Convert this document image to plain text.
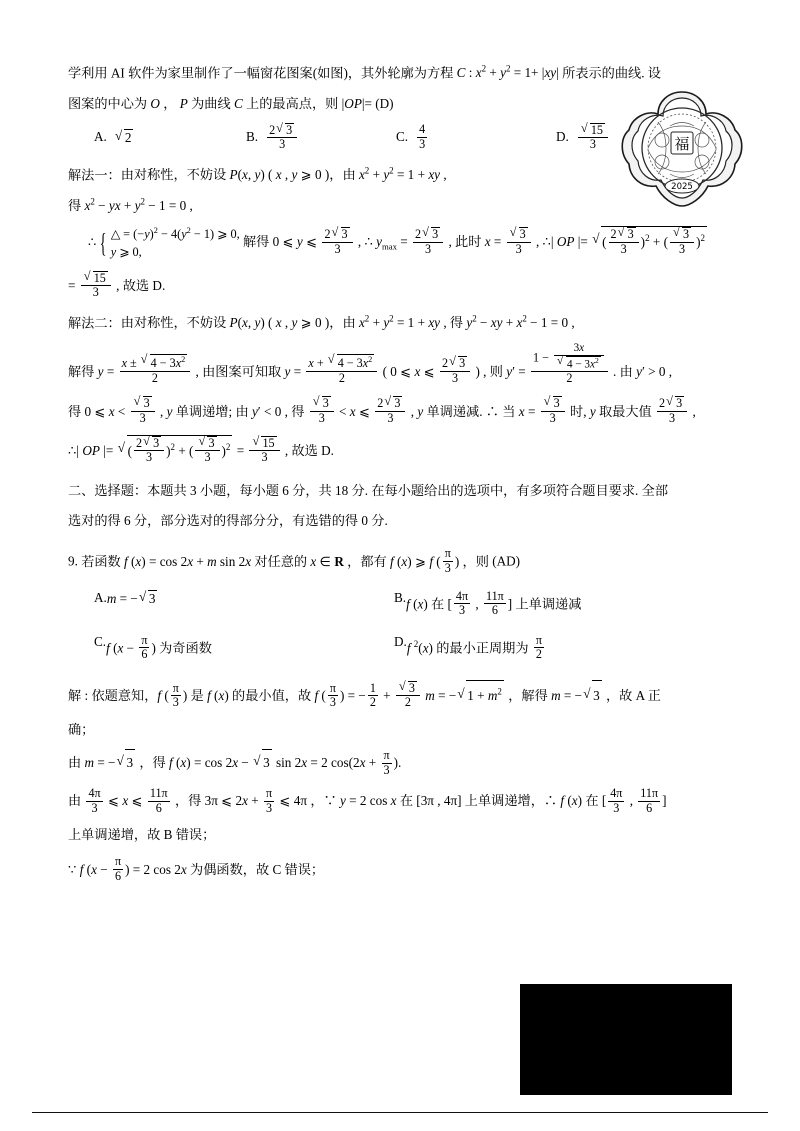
福
2025
学利用 AI 软件为家里制作了一幅窗花图案(如图)，其外轮廓为方程 C : $x^2 + y^2 = 1+ |xy|$ 所表示的曲线. 设
图案的中心为 O ， P 为曲线 C 上的最高点，则 |OP|= (D)
A.	√ 2	B. $\frac{2 √ 3}{3}$	C. $\frac{4}{3}$	D. √ $\frac{15}{3}$
解法一：由对称性，不妨设 P(x, y) ( x , y ⩾ 0 )，由 $x^2 + y^2 = 1$ + xy ,
得 $x^2$ − yx + $y^2 - 1 = 0$ ,
∴
{ △ = $(-y)^2 - 4(y^2 - 1)$ ⩾ 0,
y ⩾ 0,
解得 0 ⩽ y ⩽ $\frac{2 √ 3}{3}$ , ∴ $y_{max} = \frac{2 √ 3}{3}$ , 此时 x = √ $\frac{3}{3}$ , ∴| OP |= √ ( $\frac{2 √ 3}{3} )^2$ + ( √ $\frac{3}{3} )^2$
= √ $\frac{15}{3}$ , 故选 D.
解法二：由对称性，不妨设 P(x, y) ( x , y ⩾ 0 )，由 $x^2 + y^2 = 1$ + xy , 得 $y^2$ − xy + $x^2 - 1 = 0$ ,
解得 $y = \frac{x \pm √ 4 - 3x^2}{2}$ , 由图案可知取 $y = \frac{x + √ 4 - 3x^2}{2}$ ( 0 ⩽ x ⩽ $\frac{2 √ 3}{3}$ ) , 则 y′ = 1 − 3x
√ $4 - 3x^2$
2 . 由 y′ > 0 ,
得 0 ⩽ x < √ $\frac{3}{3}$ , y 单调递增; 由 y′ < 0 , 得 √ $\frac{3}{3} < x$ ⩽ $\frac{2 √ 3}{3}$ , y 单调递减. ∴ 当 x = √ $\frac{3}{3}$ 时, y 取最大值 $\frac{2 √ 3}{3}$ ,
∴| OP |= √ ( $\frac{2 √ 3}{3} )^2$ + ( √ $\frac{3}{3} )^2$ = √ $\frac{15}{3}$ , 故选 D.
二、选择题：本题共 3 小题，每小题 6 分，共 18 分. 在每小题给出的选项中，有多项符合题目要求. 全部
选对的得 6 分，部分选对的得部分分，有选错的得 0 分.
9. 若函数 f (x) = cos 2x + m sin 2x 对任意的 x ∈ R ，都有 f (x) ⩾ f ( $\frac{\pi}{3}$ ) ，则 (AD)
A. m = − √ 3	B. f (x) 在 [ $\frac{4\pi}{3}$ , $\frac{11\pi}{6}$ ] 上单调递减
C. f ($x - \frac{\pi}{6}$ ) 为奇函数	D. f $^2$(x) 的最小正周期为 $\frac{\pi}{2}$
解 : 依题意知，f ( $\frac{\pi}{3}$ ) 是 f (x) 的最小值，故 f ( $\frac{\pi}{3}$ ) = − $\frac{1}{2}$ + √ $\frac{3}{2}$ m = − √ $1 + m^2$ ，解得 m = − √ 3 ，故 A 正
确；
由 m = − √ 3 ，得 f (x) = cos 2x − √ 3 sin 2x = 2 $\cos(2x + \frac{\pi}{3}$ ).
由 $\frac{4\pi}{3}$ ⩽ x ⩽ $\frac{11\pi}{6}$ ，得 3π ⩽ $2x + \frac{\pi}{3}$ ⩽ 4π ，∵ y = 2 cos x 在 [3π , 4π] 上单调递增，∴ f (x) 在 [ $\frac{4\pi}{3}$ , $\frac{11\pi}{6}$ ]
上单调递增，故 B 错误；
∵ f ($x - \frac{\pi}{6}$ ) = 2 cos 2x 为偶函数，故 C 错误；
